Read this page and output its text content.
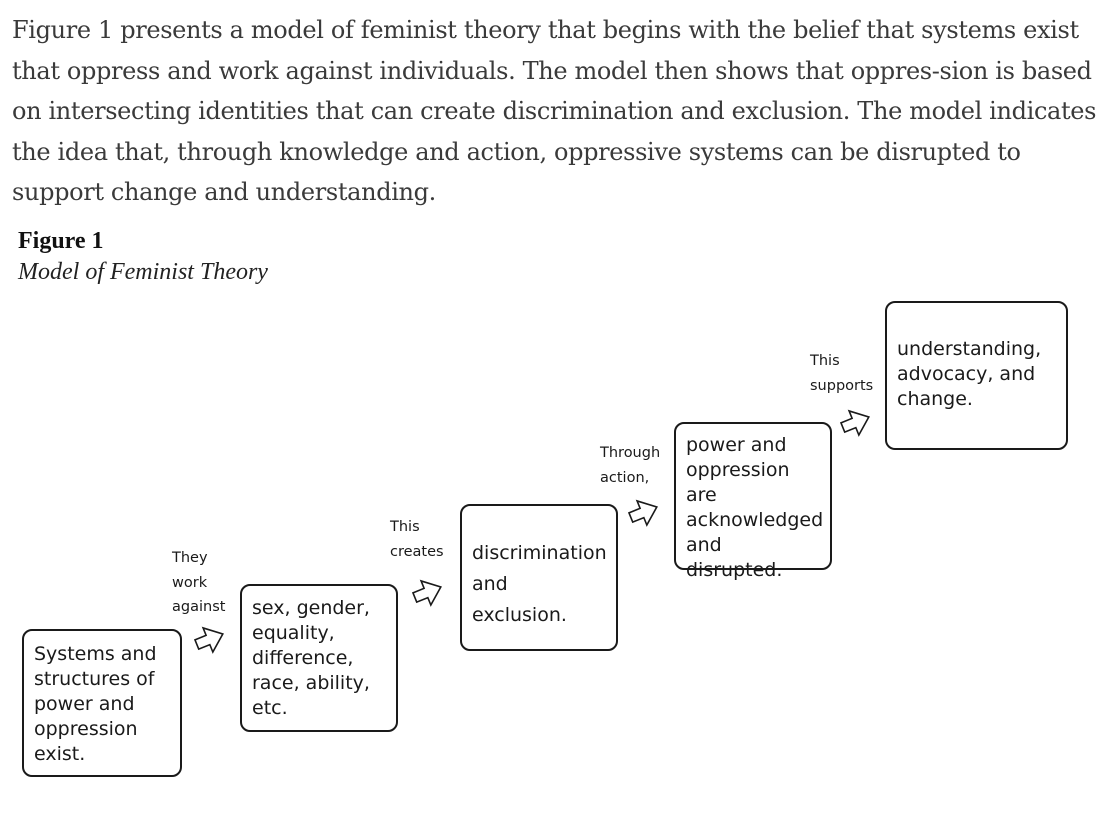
Figure 1 presents a model of feminist theory that begins with the belief that systems exist that oppress and work against individuals. The model then shows that oppres-sion is based on intersecting identities that can create discrimination and exclusion. The model indicates the idea that, through knowledge and action, oppressive systems can be disrupted to support change and understanding.

Figure 1
Model of Feminist Theory
Systems and
structures of
power and
oppression
exist.
sex, gender,
equality,
difference,
race, ability,
etc.
discrimination
and exclusion.
power and
oppression
are
acknowledged
and disrupted.
understanding,
advocacy, and
change.
They
work
against
This
creates
Through
action,
This
supports
